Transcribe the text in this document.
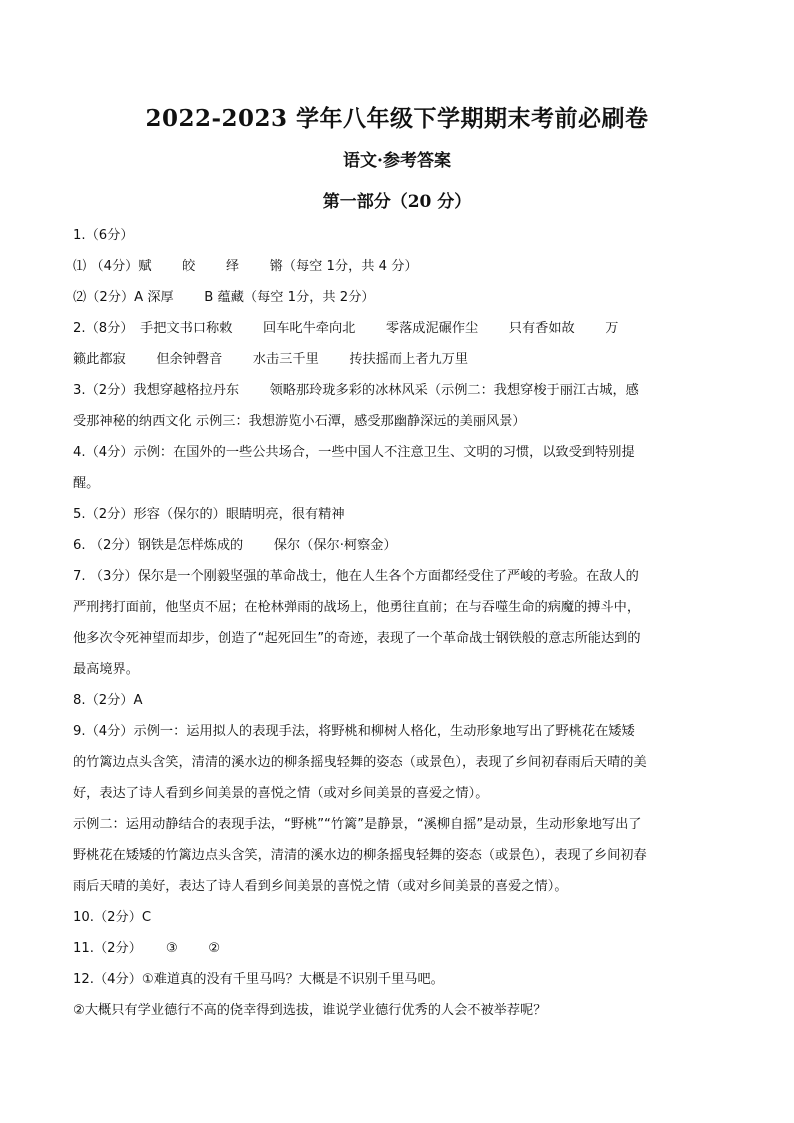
2022-2023 学年八年级下学期期末考前必刷卷
语文·参考答案
第一部分（20 分）
1.（6分）
⑴ （4分）赋　　 皎　　 绎　　 锵（每空 1分，共 4 分）
⑵（2分）A 深厚　　 B 蕴藏（每空 1分，共 2分）
2.（8分）　手把文书口称敕　　 回车叱牛牵向北　　 零落成泥碾作尘　　 只有香如故　　 万
籁此都寂　　 但余钟磬音　　 水击三千里　　 抟扶摇而上者九万里
3.（2分）我想穿越格拉丹东　　 领略那玲珑多彩的冰林风采（示例二：我想穿梭于丽江古城，感
受那神秘的纳西文化 示例三：我想游览小石潭，感受那幽静深远的美丽风景）
4.（4分）示例：在国外的一些公共场合，一些中国人不注意卫生、文明的习惯，以致受到特别提
醒。
5.（2分）形容（保尔的）眼睛明亮，很有精神
6. （2分）钢铁是怎样炼成的　　 保尔（保尔·柯察金）
7. （3分）保尔是一个刚毅坚强的革命战士，他在人生各个方面都经受住了严峻的考验。在敌人的
严刑拷打面前，他坚贞不屈；在枪林弹雨的战场上，他勇往直前；在与吞噬生命的病魔的搏斗中，
他多次令死神望而却步，创造了“起死回生”的奇迹，表现了一个革命战士钢铁般的意志所能达到的
最高境界。
8.（2分）A
9.（4分）示例一：运用拟人的表现手法，将野桃和柳树人格化，生动形象地写出了野桃花在矮矮
的竹篱边点头含笑，清清的溪水边的柳条摇曳轻舞的姿态（或景色），表现了乡间初春雨后天晴的美
好，表达了诗人看到乡间美景的喜悦之情（或对乡间美景的喜爱之情）。
示例二：运用动静结合的表现手法，“野桃”“竹篱”是静景，“溪柳自摇”是动景，生动形象地写出了
野桃花在矮矮的竹篱边点头含笑，清清的溪水边的柳条摇曳轻舞的姿态（或景色），表现了乡间初春
雨后天晴的美好，表达了诗人看到乡间美景的喜悦之情（或对乡间美景的喜爱之情）。
10.（2分）C
11.（2分）　　 ③　　 ②
12.（4分）①难道真的没有千里马吗？大概是不识别千里马吧。
②大概只有学业德行不高的侥幸得到选拔，谁说学业德行优秀的人会不被举荐呢？
